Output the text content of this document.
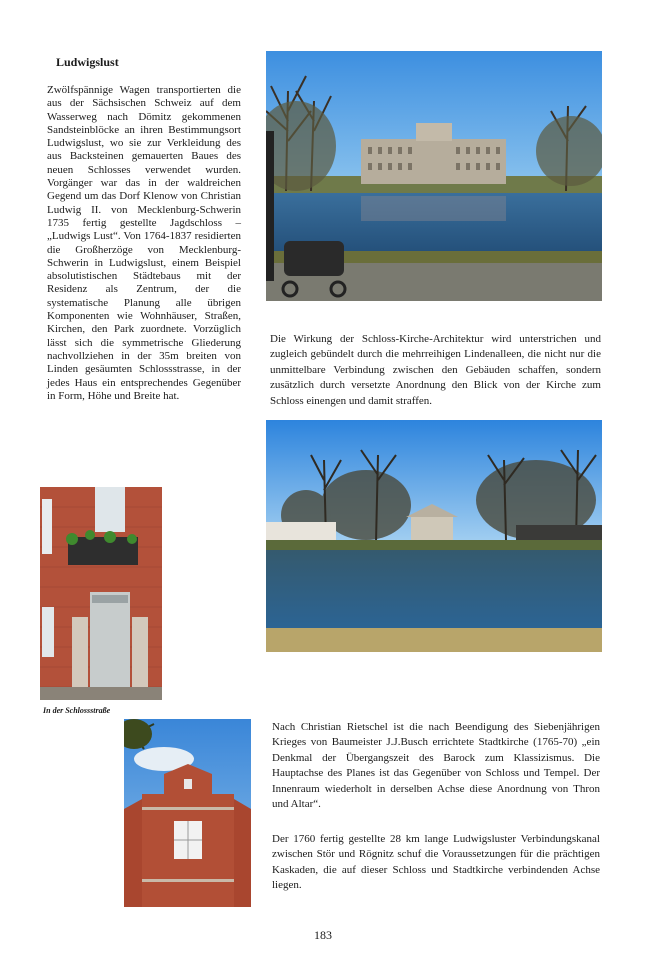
Ludwigslust
Zwölfspännige Wagen transportierten die aus der Sächsischen Schweiz auf dem Wasserweg nach Dömitz gekommenen Sandsteinblöcke an ihren Bestimmungsort Ludwigslust, wo sie zur Verkleidung des aus Backsteinen gemauerten Baues des neuen Schlosses verwendet wurden. Vorgänger war das in der waldreichen Gegend um das Dorf Klenow von Christian Ludwig II. von Mecklenburg-Schwerin 1735 fertig gestellte Jagdschloss – „Ludwigs Lust“. Von 1764-1837 residierten die Großherzöge von Mecklenburg-Schwerin in Ludwigslust, einem Beispiel absolutistischen Städtebaus mit der Residenz als Zentrum, der die systematische Planung alle übrigen Komponenten wie Wohnhäuser, Straßen, Kirchen, den Park zuordnete. Vorzüglich lässt sich die symmetrische Gliederung nachvollziehen in der 35m breiten von Linden gesäumten Schlossstrasse, in der jedes Haus ein entsprechendes Gegenüber in Form, Höhe und Breite hat.
Die Wirkung der Schloss-Kirche-Architektur wird unterstrichen und zugleich gebündelt durch die mehrreihigen Lindenalleen, die nicht nur die unmittelbare Verbindung zwischen den Gebäuden schaffen, sondern zusätzlich durch versetzte Anordnung den Blick von der Kirche zum Schloss einengen und damit straffen.
In der Schlossstraße
Nach Christian Rietschel ist die nach Beendigung des Siebenjährigen Krieges von Baumeister J.J.Busch errichtete Stadtkirche (1765-70) „ein Denkmal der Übergangszeit des Barock zum Klassizismus. Die Hauptachse des Planes ist das Gegenüber von Schloss und Tempel. Der Innenraum wiederholt in derselben Achse diese Anordnung von Thron und Altar“.
Der 1760 fertig gestellte 28 km lange Ludwigsluster Verbindungskanal zwischen Stör und Rögnitz schuf die Voraussetzungen für die prächtigen Kaskaden, die auf dieser Schloss und Stadtkirche verbindenden Achse liegen.
183
